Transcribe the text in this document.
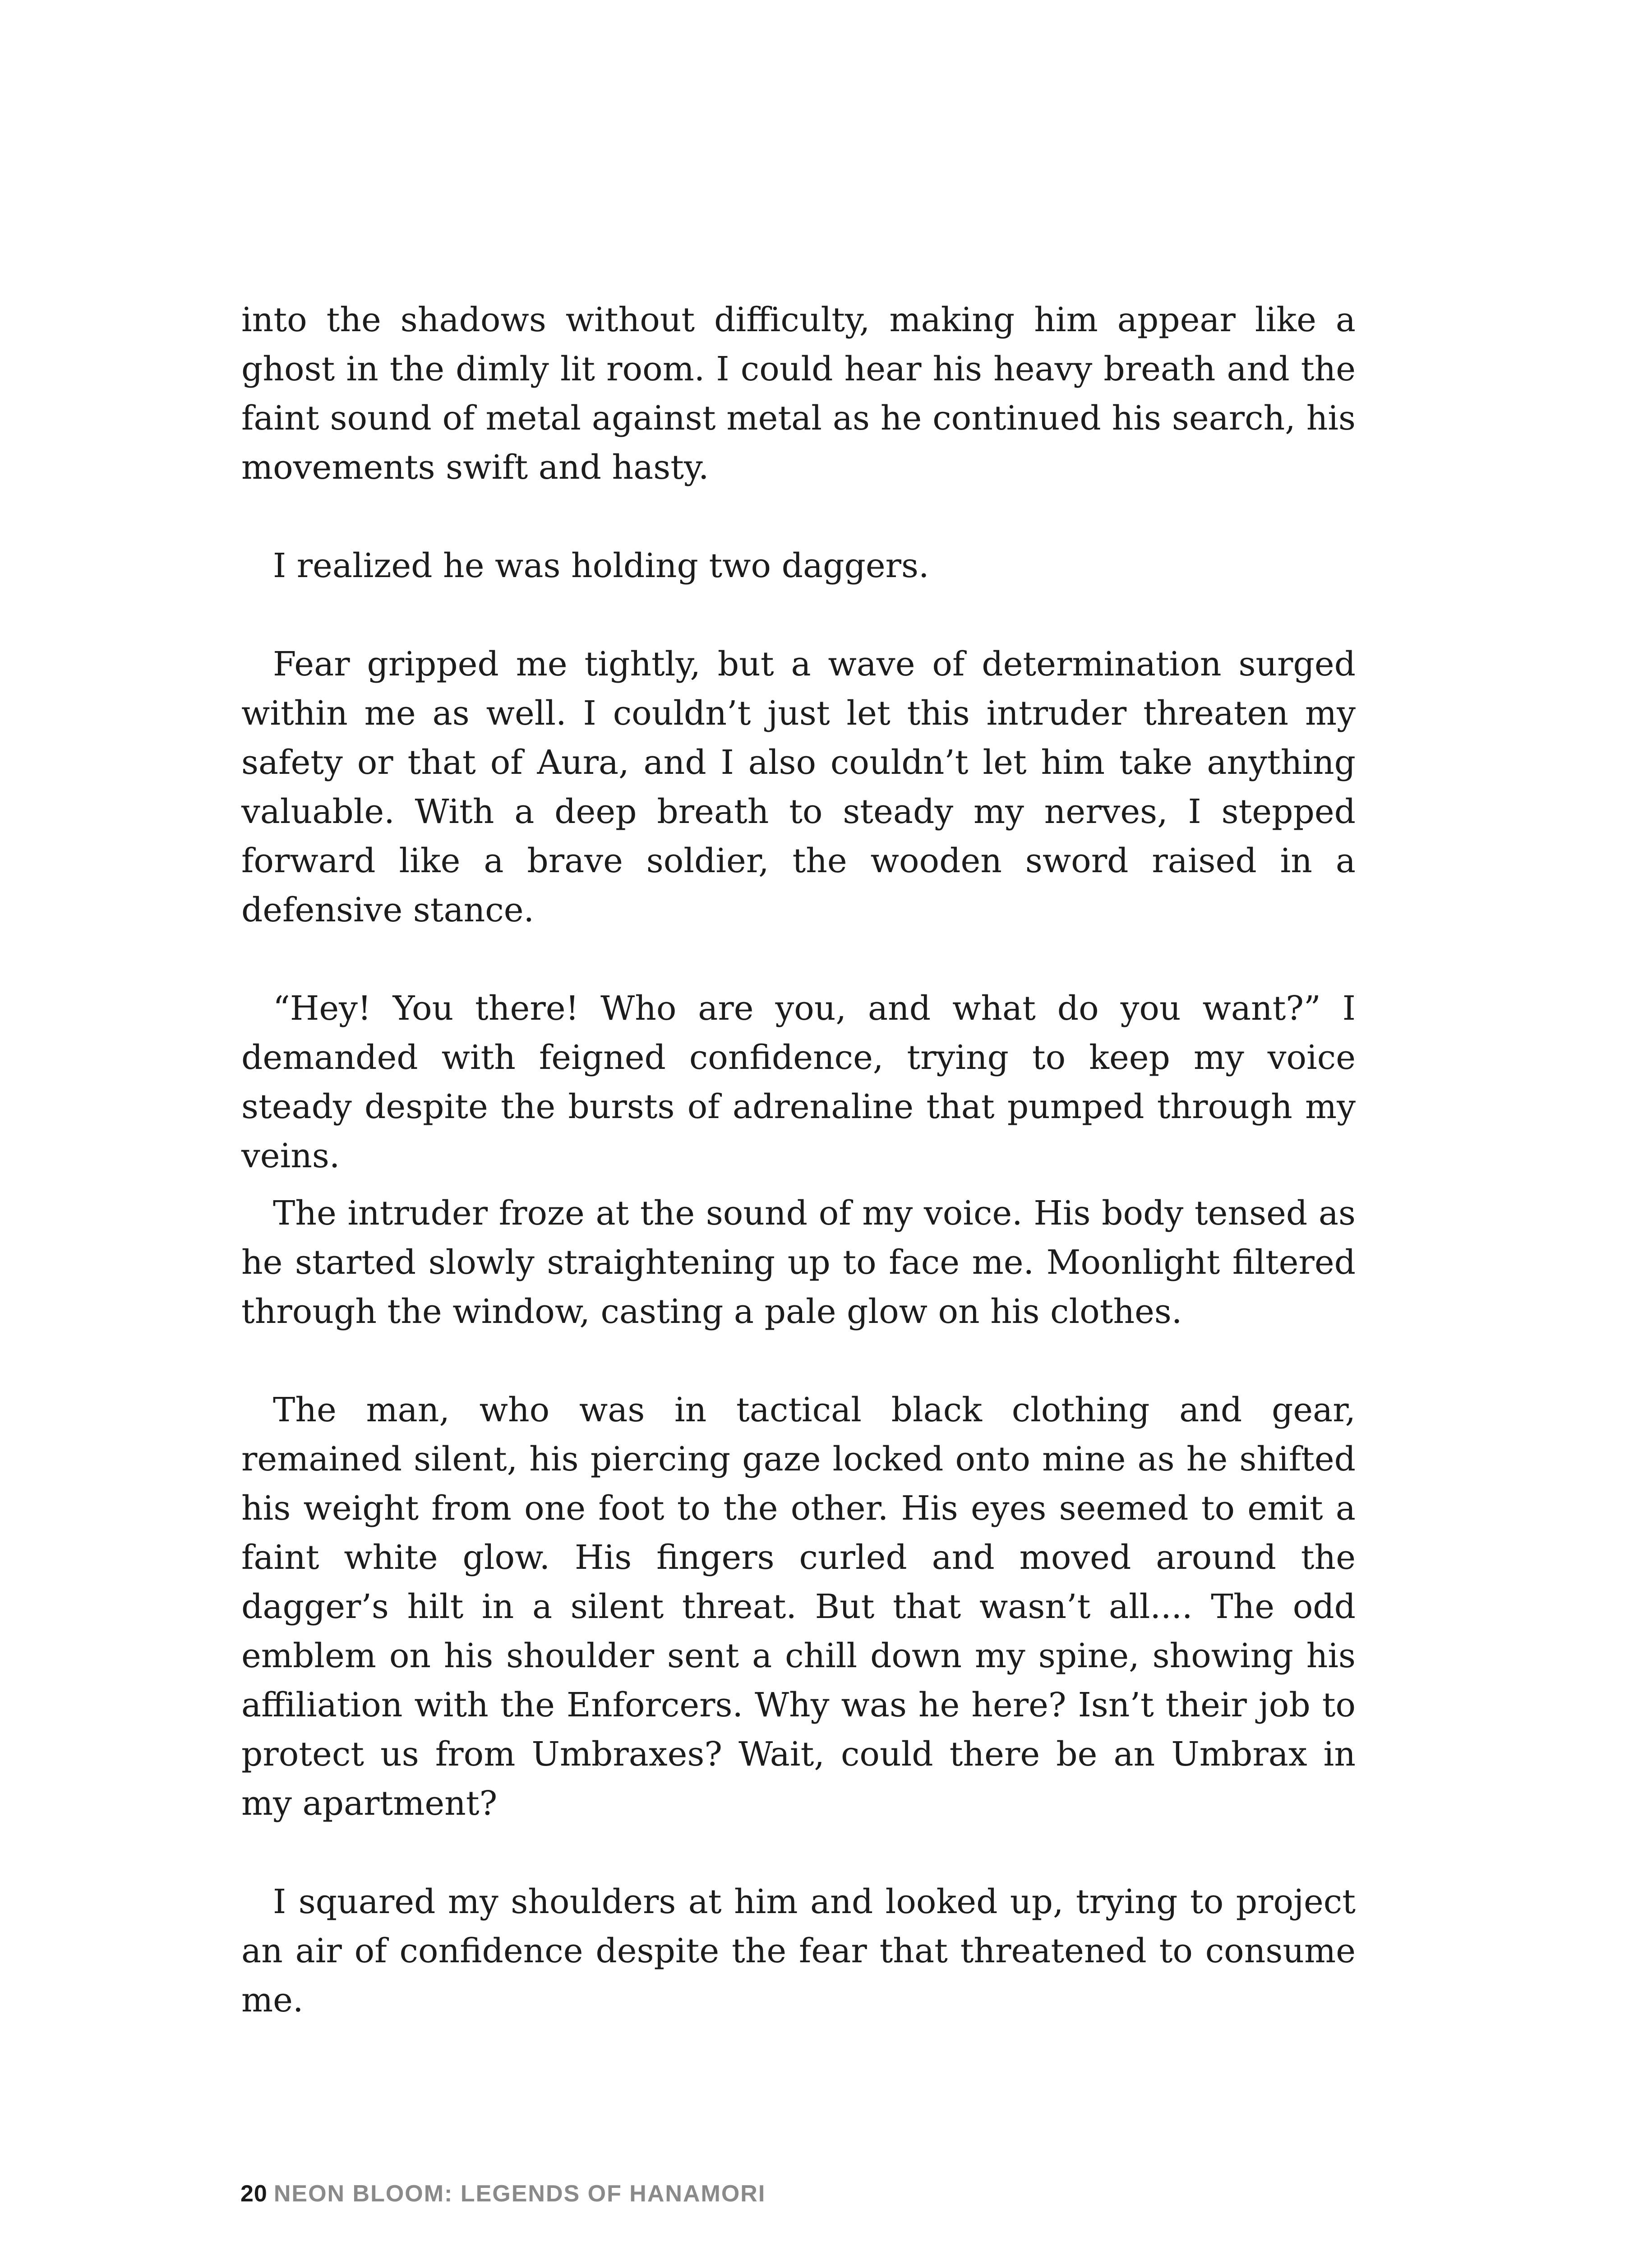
into the shadows without difficulty, making him appear like a ghost in the dimly lit room. I could hear his heavy breath and the faint sound of metal against metal as he continued his search, his movements swift and hasty.

I realized he was holding two daggers.

Fear gripped me tightly, but a wave of determination surged within me as well. I couldn’t just let this intruder threaten my safety or that of Aura, and I also couldn’t let him take anything valuable. With a deep breath to steady my nerves, I stepped forward like a brave soldier, the wooden sword raised in a defensive stance.

“Hey! You there! Who are you, and what do you want?” I demanded with feigned confidence, trying to keep my voice steady despite the bursts of adrenaline that pumped through my veins.

The intruder froze at the sound of my voice. His body tensed as he started slowly straightening up to face me. Moonlight filtered through the window, casting a pale glow on his clothes.

The man, who was in tactical black clothing and gear, remained silent, his piercing gaze locked onto mine as he shifted his weight from one foot to the other. His eyes seemed to emit a faint white glow. His fingers curled and moved around the dagger’s hilt in a silent threat. But that wasn’t all.... The odd emblem on his shoulder sent a chill down my spine, showing his affiliation with the Enforcers. Why was he here? Isn’t their job to protect us from Umbraxes? Wait, could there be an Umbrax in my apartment?

I squared my shoulders at him and looked up, trying to project an air of confidence despite the fear that threatened to consume me.

20 NEON BLOOM: LEGENDS OF HANAMORI
